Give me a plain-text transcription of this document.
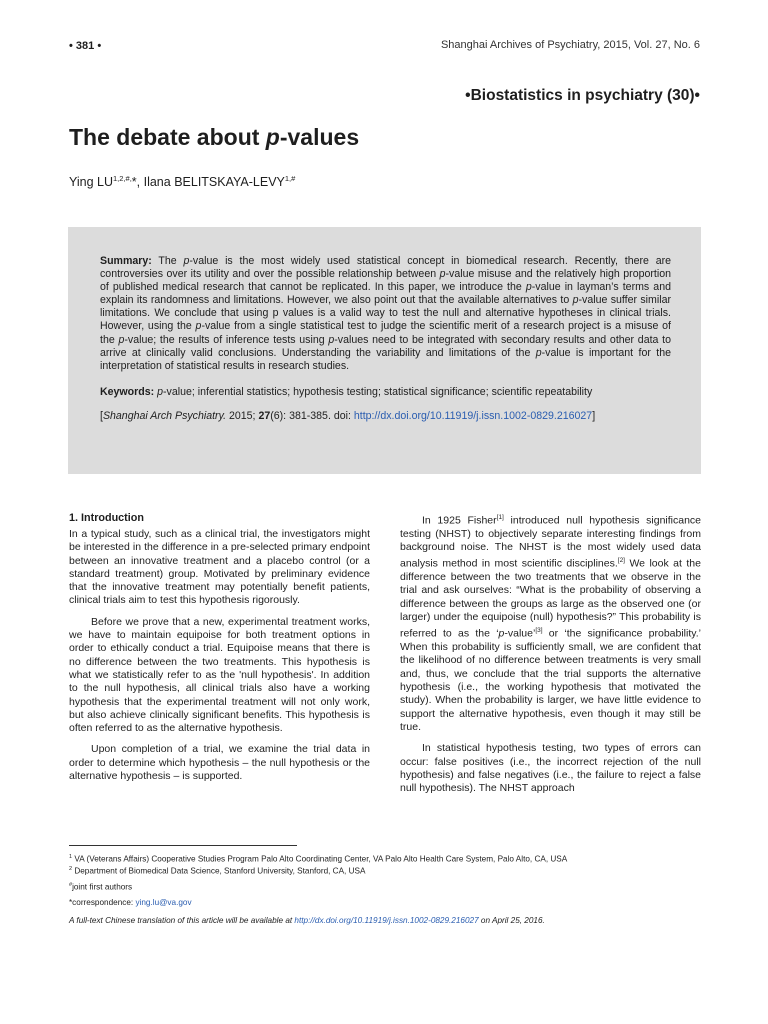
• 381 •	Shanghai Archives of Psychiatry, 2015, Vol. 27, No. 6
•Biostatistics in psychiatry (30)•
The debate about p-values
Ying $LU^{1,2,\#,}*$, Ilana BELITSKAYA-$LEVY^{1,\#}$

Summary: The p-value is the most widely used statistical concept in biomedical research. Recently, there are controversies over its utility and over the possible relationship between p-value misuse and the relatively high proportion of published medical research that cannot be replicated. In this paper, we introduce the p-value in layman’s terms and explain its randomness and limitations. However, we also point out that the available alternatives to p-value suffer similar limitations. We conclude that using p values is a valid way to test the null and alternative hypotheses in clinical trials. However, using the p-value from a single statistical test to judge the scientific merit of a research project is a misuse of the p-value; the results of inference tests using p-values need to be integrated with secondary results and other data to arrive at clinically valid conclusions. Understanding the variability and limitations of the p-value is important for the interpretation of statistical results in research studies.

Keywords: p-value; inferential statistics; hypothesis testing; statistical significance; scientific repeatability

[Shanghai Arch Psychiatry. 2015; 27(6): 381-385. doi: http://dx.doi.org/10.11919/j.issn.1002-0829.216027]

1. Introduction

In a typical study, such as a clinical trial, the investigators might be interested in the difference in a pre-selected primary endpoint between an innovative treatment and a placebo control (or a standard treatment) group. Motivated by preliminary evidence that the innovative treatment may potentially benefit patients, clinical trials aim to test this hypothesis rigorously.

Before we prove that a new, experimental treatment works, we have to maintain equipoise for both treatment options in order to ethically conduct a trial. Equipoise means that there is no difference between the two treatments. This hypothesis is what we statistically refer to as the 'null hypothesis'. In addition to the null hypothesis, all clinical trials also have a working hypothesis that the experimental treatment will not only work, but also achieve clinically significant benefits. This hypothesis is often referred to as the alternative hypothesis.

Upon completion of a trial, we examine the trial data in order to determine which hypothesis – the null hypothesis or the alternative hypothesis – is supported.

In 1925 Fisher[1] introduced null hypothesis significance testing (NHST) to objectively separate interesting findings from background noise. The NHST is the most widely used data analysis method in most scientific disciplines.[2] We look at the difference between the two treatments that we observe in the trial and ask ourselves: “What is the probability of observing a difference between the groups as large as the observed one (or larger) under the equipoise (null) hypothesis?” This probability is referred to as the ‘p-value’[3] or ‘the significance probability.’ When this probability is sufficiently small, we are confident that the likelihood of no difference between treatments is very small and, thus, we conclude that the trial supports the alternative hypothesis (i.e., the working hypothesis that motivated the study). When the probability is larger, we have little evidence to support the alternative hypothesis, even though it may still be true.

In statistical hypothesis testing, two types of errors can occur: false positives (i.e., the incorrect rejection of the null hypothesis) and false negatives (i.e., the failure to reject a false null hypothesis). The NHST approach

$^1$ VA (Veterans Affairs) Cooperative Studies Program Palo Alto Coordinating Center, VA Palo Alto Health Care System, Palo Alto, CA, USA
$^2$ Department of Biomedical Data Science, Stanford University, Stanford, CA, USA
#joint first authors
*correspondence: ying.lu@va.gov
A full-text Chinese translation of this article will be available at http://dx.doi.org/10.11919/j.issn.1002-0829.216027 on April 25, 2016.
